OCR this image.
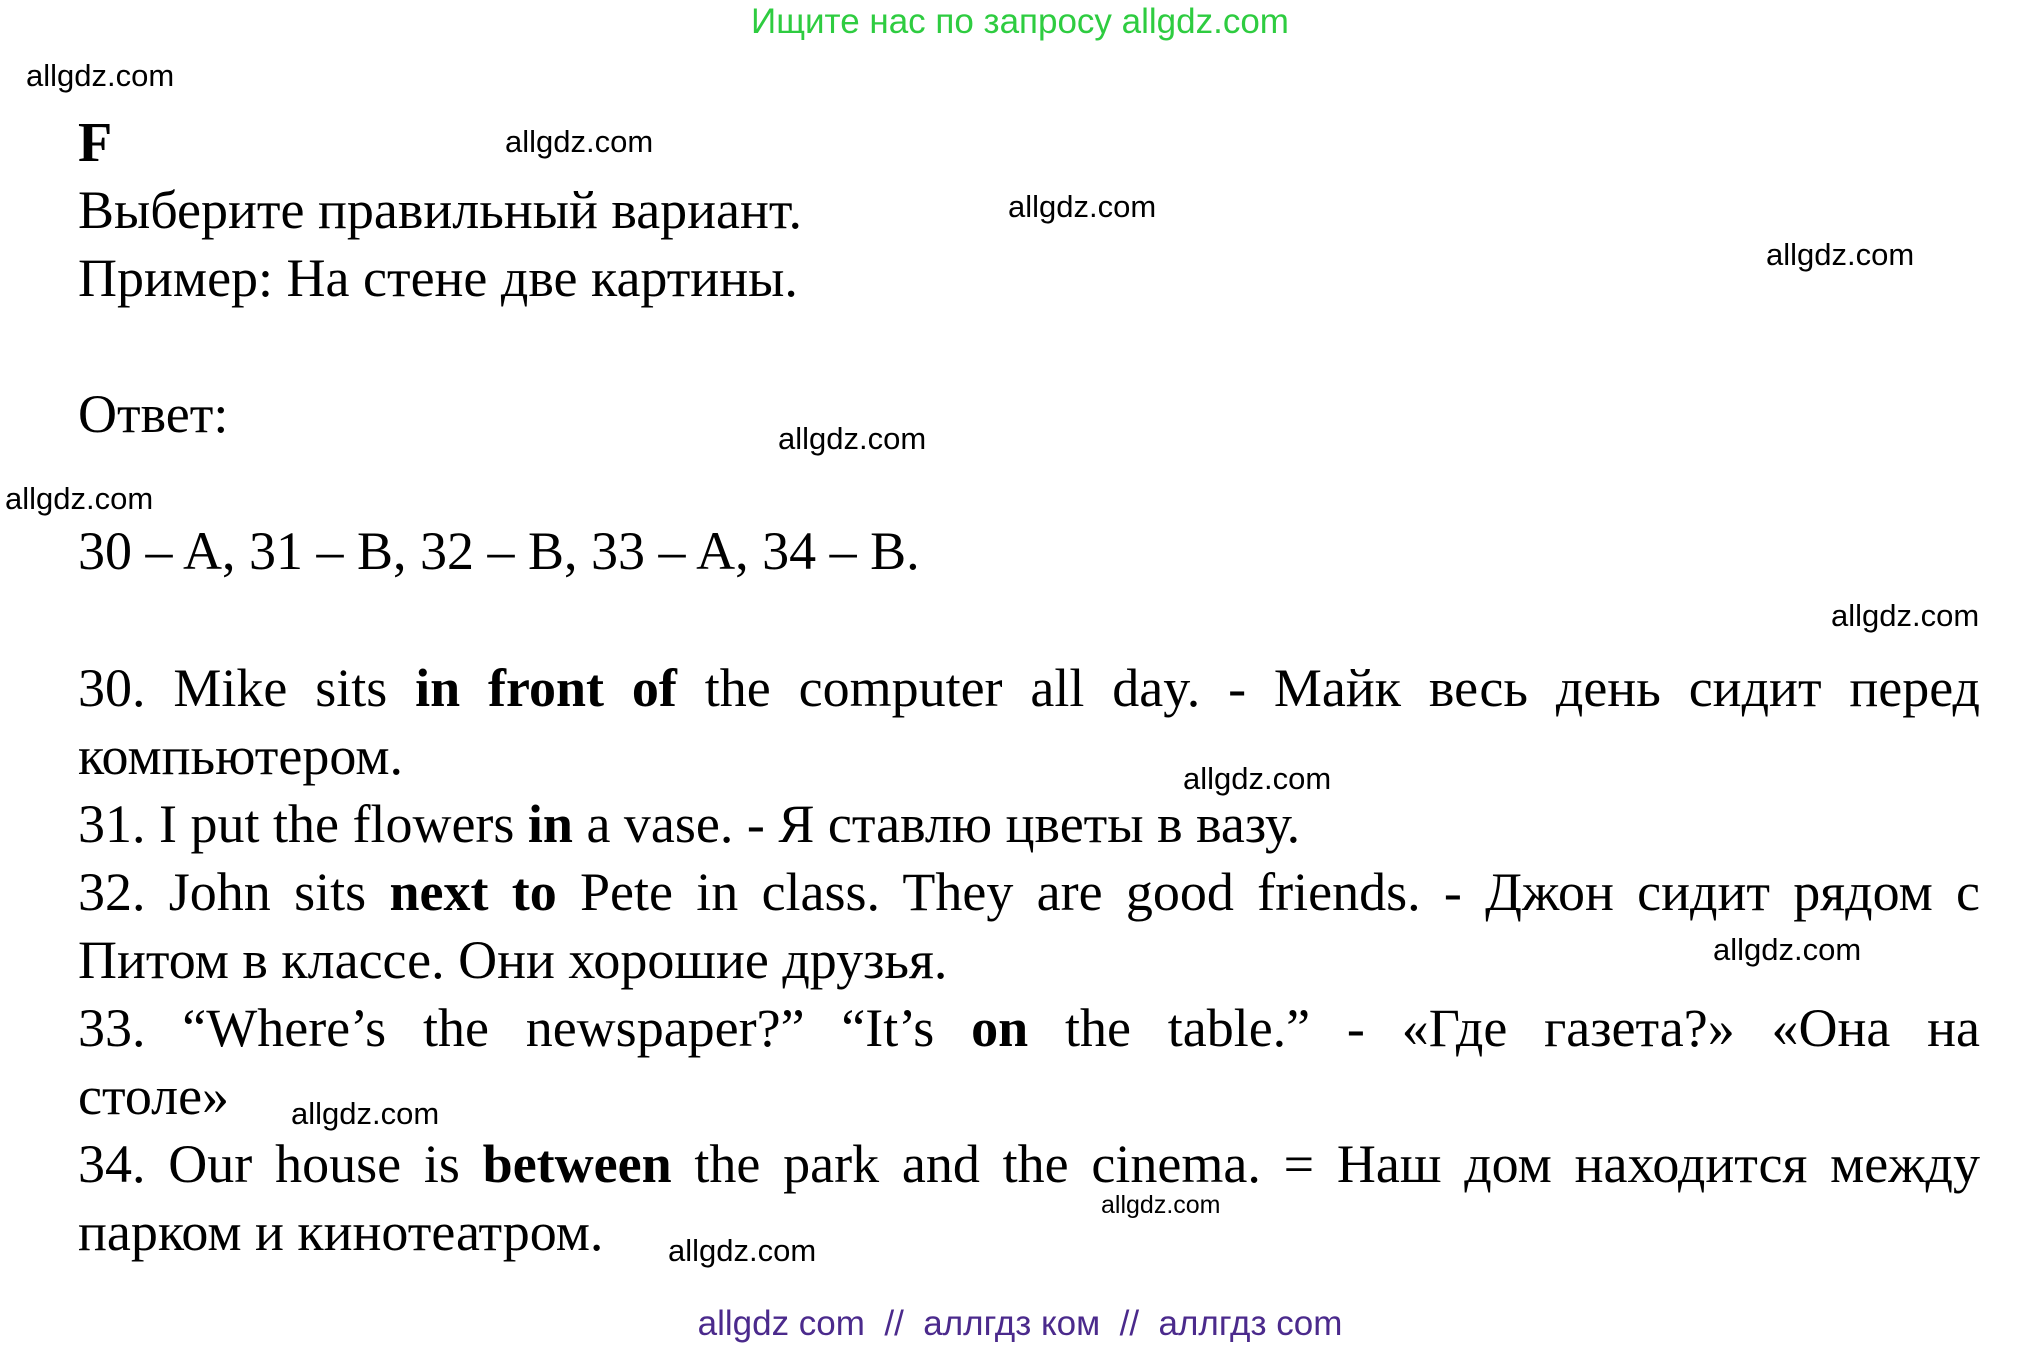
Ищите нас по запросу allgdz.com
allgdz.com
allgdz.com
allgdz.com
allgdz.com
allgdz.com
allgdz.com
allgdz.com
allgdz.com
allgdz.com
allgdz.com
allgdz.com
allgdz.com
F
Выберите правильный вариант.
Пример: На стене две картины.
Ответ:
30 – A, 31 – B, 32 – B, 33 – A, 34 – B.
30. Mike sits in front of the computer all day. - Майк весь день сидит перед
компьютером.
31. I put the flowers in a vase. - Я ставлю цветы в вазу.
32. John sits next to Pete in class. They are good friends. - Джон сидит рядом с
Питом в классе. Они хорошие друзья.
33. “Where’s the newspaper?” “It’s on the table.” - «Где газета?» «Она на
столе»
34. Our house is between the park and the cinema. = Наш дом находится между
парком и кинотеатром.
allgdz com  //  аллгдз ком  //  аллгдз com
